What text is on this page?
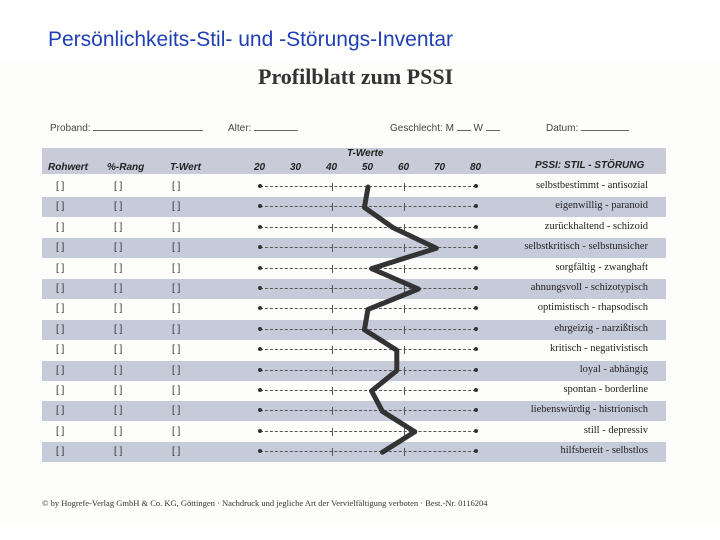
Persönlichkeits-Stil- und -Störungs-Inventar
Profilblatt zum PSSI
Proband:	Alter:	Geschlecht: M W	Datum:
Rohwert %-Rang	T-Wert
T-Werte
PSSI: STIL - STÖRUNG
20 30 40 50 60 70 80
[ ]	[ ]	[ ]	selbstbestimmt - antisozial
[ ]	[ ]	[ ]	eigenwillig - paranoid
[ ]	[ ]	[ ]	zurückhaltend - schizoid
[ ]	[ ]	[ ]	selbstkritisch - selbstunsicher
[ ]	[ ]	[ ]	sorgfältig - zwanghaft
[ ]	[ ]	[ ]	ahnungsvoll - schizotypisch
[ ]	[ ]	[ ]	optimistisch - rhapsodisch
[ ]	[ ]	[ ]	ehrgeizig - narzißtisch
[ ]	[ ]	[ ]	kritisch - negativistisch
[ ]	[ ]	[ ]	loyal - abhängig
[ ]	[ ]	[ ]	spontan - borderline
[ ]	[ ]	[ ]	liebenswürdig - histrionisch
[ ]	[ ]	[ ]	still - depressiv
[ ]	[ ]	[ ]	hilfsbereit - selbstlos
© by Hogrefe-Verlag GmbH & Co. KG, Göttingen · Nachdruck und jegliche Art der Vervielfältigung verboten · Best.-Nr. 0116204
